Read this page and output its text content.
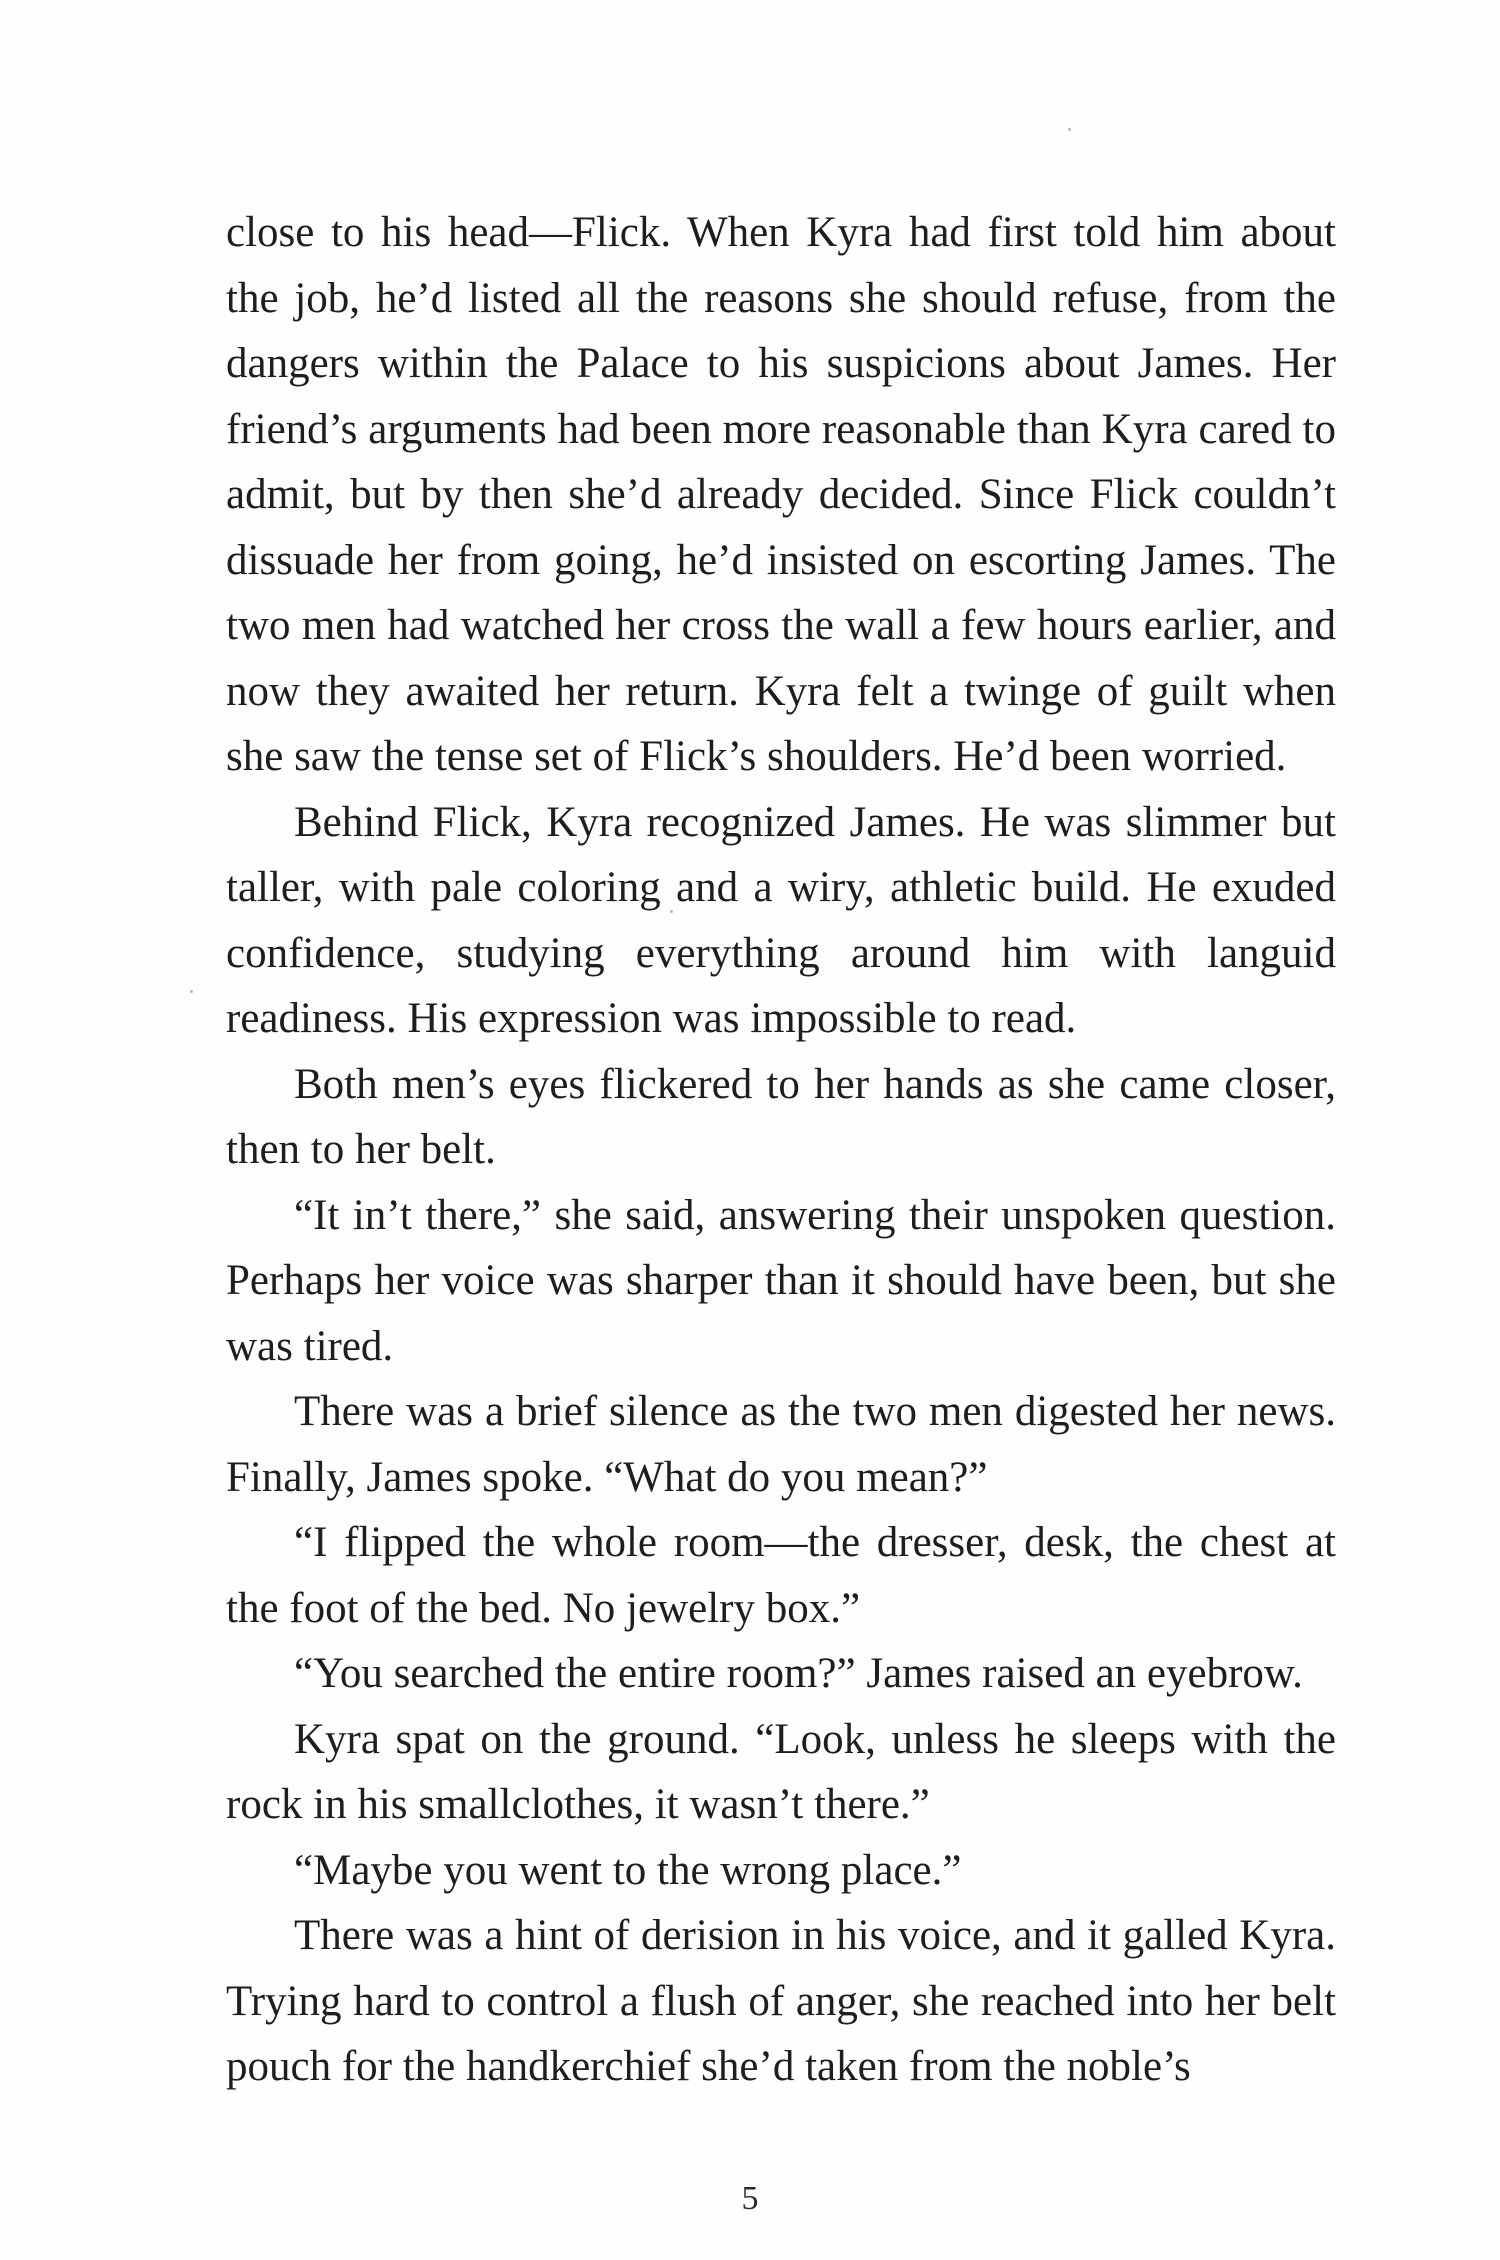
close to his head—Flick. When Kyra had first told him about the job, he’d listed all the reasons she should refuse, from the dangers within the Palace to his suspicions about James. Her friend’s arguments had been more reasonable than Kyra cared to admit, but by then she’d already decided. Since Flick couldn’t dissuade her from going, he’d insisted on escorting James. The two men had watched her cross the wall a few hours earlier, and now they awaited her return. Kyra felt a twinge of guilt when she saw the tense set of Flick’s shoulders. He’d been worried.

Behind Flick, Kyra recognized James. He was slimmer but taller, with pale coloring and a wiry, athletic build. He exuded confidence, studying everything around him with languid readiness. His expression was impossible to read.

Both men’s eyes flickered to her hands as she came closer, then to her belt.

“It in’t there,” she said, answering their unspoken question. Perhaps her voice was sharper than it should have been, but she was tired.

There was a brief silence as the two men digested her news. Finally, James spoke. “What do you mean?”

“I flipped the whole room—the dresser, desk, the chest at the foot of the bed. No jewelry box.”

“You searched the entire room?” James raised an eyebrow.

Kyra spat on the ground. “Look, unless he sleeps with the rock in his smallclothes, it wasn’t there.”

“Maybe you went to the wrong place.”

There was a hint of derision in his voice, and it galled Kyra. Trying hard to control a flush of anger, she reached into her belt pouch for the handkerchief she’d taken from the noble’s

5
